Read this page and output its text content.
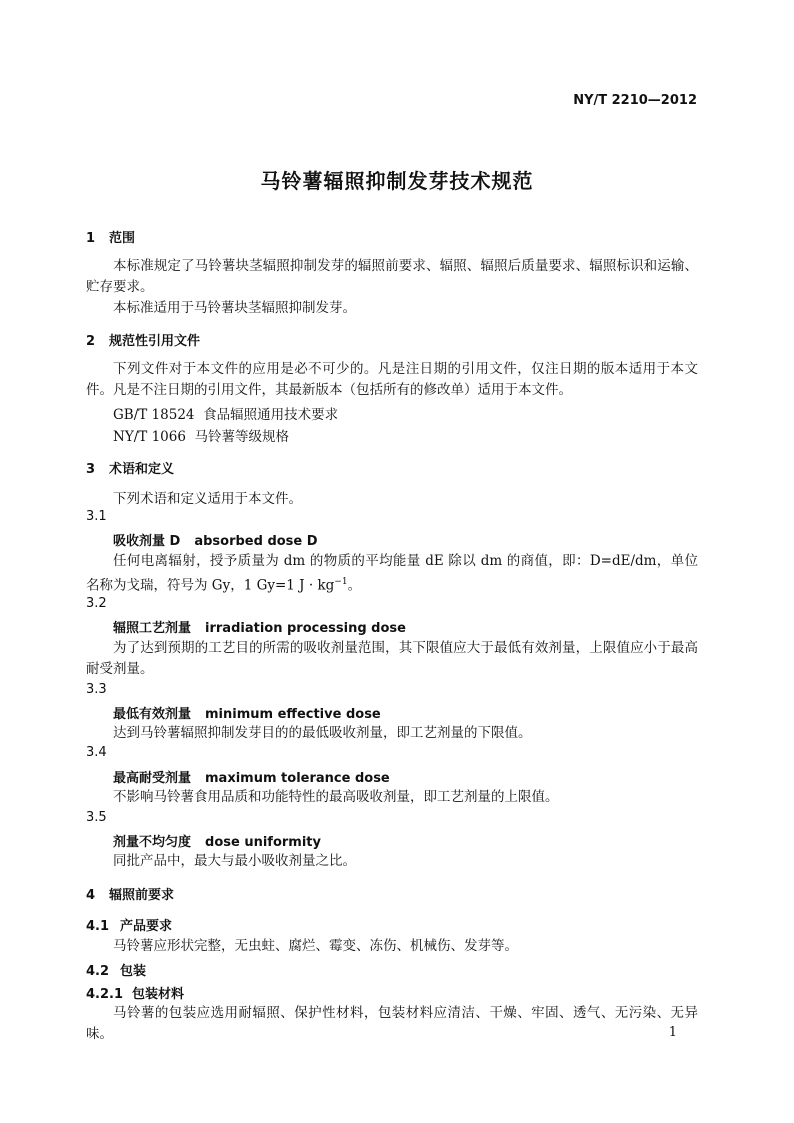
NY/T 2210—2012
马铃薯辐照抑制发芽技术规范
1 范围
本标准规定了马铃薯块茎辐照抑制发芽的辐照前要求、辐照、辐照后质量要求、辐照标识和运输、贮存要求。
本标准适用于马铃薯块茎辐照抑制发芽。
2 规范性引用文件
下列文件对于本文件的应用是必不可少的。凡是注日期的引用文件，仅注日期的版本适用于本文件。凡是不注日期的引用文件，其最新版本（包括所有的修改单）适用于本文件。
GB/T 18524  食品辐照通用技术要求
NY/T 1066  马铃薯等级规格
3 术语和定义
下列术语和定义适用于本文件。
3.1
吸收剂量 D absorbed dose D
任何电离辐射，授予质量为 dm 的物质的平均能量 dE 除以 dm 的商值，即：D=dE/dm，单位名称为戈瑞，符号为 Gy，1 Gy=1 $J \cdot kg^{-1}$。
3.2
辐照工艺剂量 irradiation processing dose
为了达到预期的工艺目的所需的吸收剂量范围，其下限值应大于最低有效剂量，上限值应小于最高耐受剂量。
3.3
最低有效剂量 minimum effective dose
达到马铃薯辐照抑制发芽目的的最低吸收剂量，即工艺剂量的下限值。
3.4
最高耐受剂量 maximum tolerance dose
不影响马铃薯食用品质和功能特性的最高吸收剂量，即工艺剂量的上限值。
3.5
剂量不均匀度 dose uniformity
同批产品中，最大与最小吸收剂量之比。
4 辐照前要求
4.1 产品要求
马铃薯应形状完整，无虫蛀、腐烂、霉变、冻伤、机械伤、发芽等。
4.2 包装
4.2.1 包装材料
马铃薯的包装应选用耐辐照、保护性材料，包装材料应清洁、干燥、牢固、透气、无污染、无异味。	1
